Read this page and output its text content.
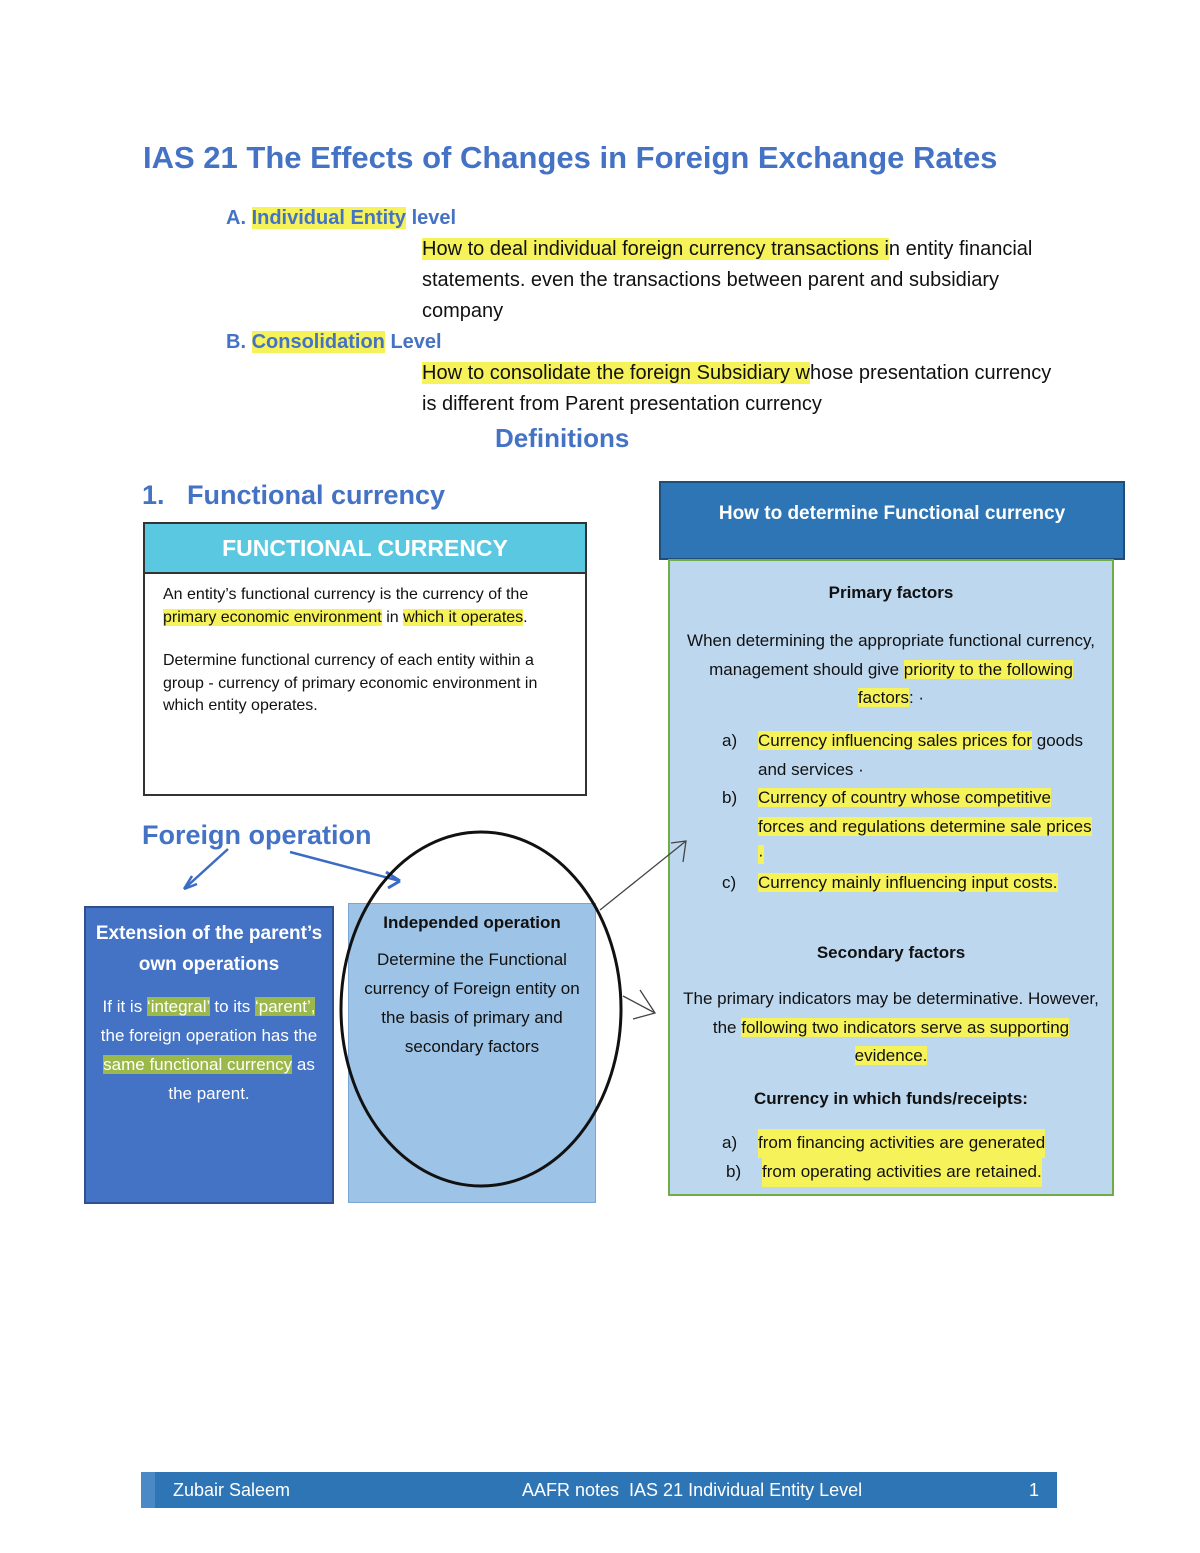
IAS 21 The Effects of Changes in Foreign Exchange Rates
A. Individual Entity level
How to deal individual foreign currency transactions in entity financial statements. even the transactions between parent and subsidiary company
B. Consolidation Level
How to consolidate the foreign Subsidiary whose presentation currency is different from Parent presentation currency
Definitions
1.   Functional currency
FUNCTIONAL CURRENCY

An entity’s functional currency is the currency of the primary economic environment in which it operates.

Determine functional currency of each entity within a group - currency of primary economic environment in which entity operates.

Foreign operation
Extension of the parent’s own operations
If it is ‘integral’ to its ‘parent’, the foreign operation has the same functional currency as the parent.
Independed operation
Determine the Functional currency of Foreign entity on the basis of primary and secondary factors
How to determine Functional currency
Primary factors
When determining the appropriate functional currency, management should give priority to the following factors: ·
a)	Currency influencing sales prices for goods and services ·
b)	Currency of country whose competitive forces and regulations determine sale prices ·
c)	Currency mainly influencing input costs.
Secondary factors
The primary indicators may be determinative. However, the following two indicators serve as supporting evidence.
Currency in which funds/receipts:
a)	from financing activities are generated
b)	from operating activities are retained.
Zubair Saleem	AAFR notes  IAS 21 Individual Entity Level	1
